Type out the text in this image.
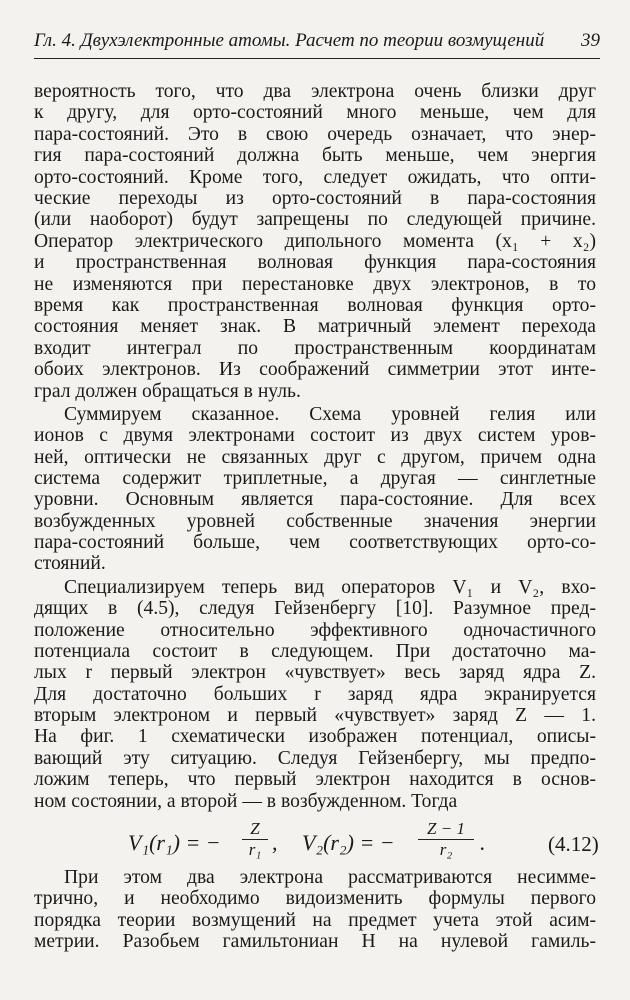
Гл. 4. Двухэлектронные атомы. Расчет по теории возмущений 39
вероятность того, что два электрона очень близки друг
к другу, для орто-состояний много меньше, чем для
пара-состояний. Это в свою очередь означает, что энер-
гия пара-состояний должна быть меньше, чем энергия
орто-состояний. Кроме того, следует ожидать, что опти-
ческие переходы из орто-состояний в пара-состояния
(или наоборот) будут запрещены по следующей причине.
Оператор электрического дипольного момента (x₁ + x₂)
и пространственная волновая функция пара-состояния
не изменяются при перестановке двух электронов, в то
время как пространственная волновая функция орто-
состояния меняет знак. В матричный элемент перехода
входит интеграл по пространственным координатам
обоих электронов. Из соображений симметрии этот инте-
грал должен обращаться в нуль.
Суммируем сказанное. Схема уровней гелия или
ионов с двумя электронами состоит из двух систем уров-
ней, оптически не связанных друг с другом, причем одна
система содержит триплетные, а другая — синглетные
уровни. Основным является пара-состояние. Для всех
возбужденных уровней собственные значения энергии
пара-состояний больше, чем соответствующих орто-со-
стояний.
Специализируем теперь вид операторов V₁ и V₂, вхо-
дящих в (4.5), следуя Гейзенбергу [10]. Разумное пред-
положение относительно эффективного одночастичного
потенциала состоит в следующем. При достаточно ма-
лых r первый электрон «чувствует» весь заряд ядра Z.
Для достаточно больших r заряд ядра экранируется
вторым электроном и первый «чувствует» заряд Z — 1.
На фиг. 1 схематически изображен потенциал, описы-
вающий эту ситуацию. Следуя Гейзенбергу, мы предпо-
ложим теперь, что первый электрон находится в основ-
ном состоянии, а второй — в возбужденном. Тогда
V₁(r₁) = −
Z
r₁ , V₂(r₂) = −
Z − 1
r₂	.	(4.12)
При этом два электрона рассматриваются несимме-
трично, и необходимо видоизменить формулы первого
порядка теории возмущений на предмет учета этой асим-
метрии. Разобьем гамильтониан H на нулевой гамиль-
